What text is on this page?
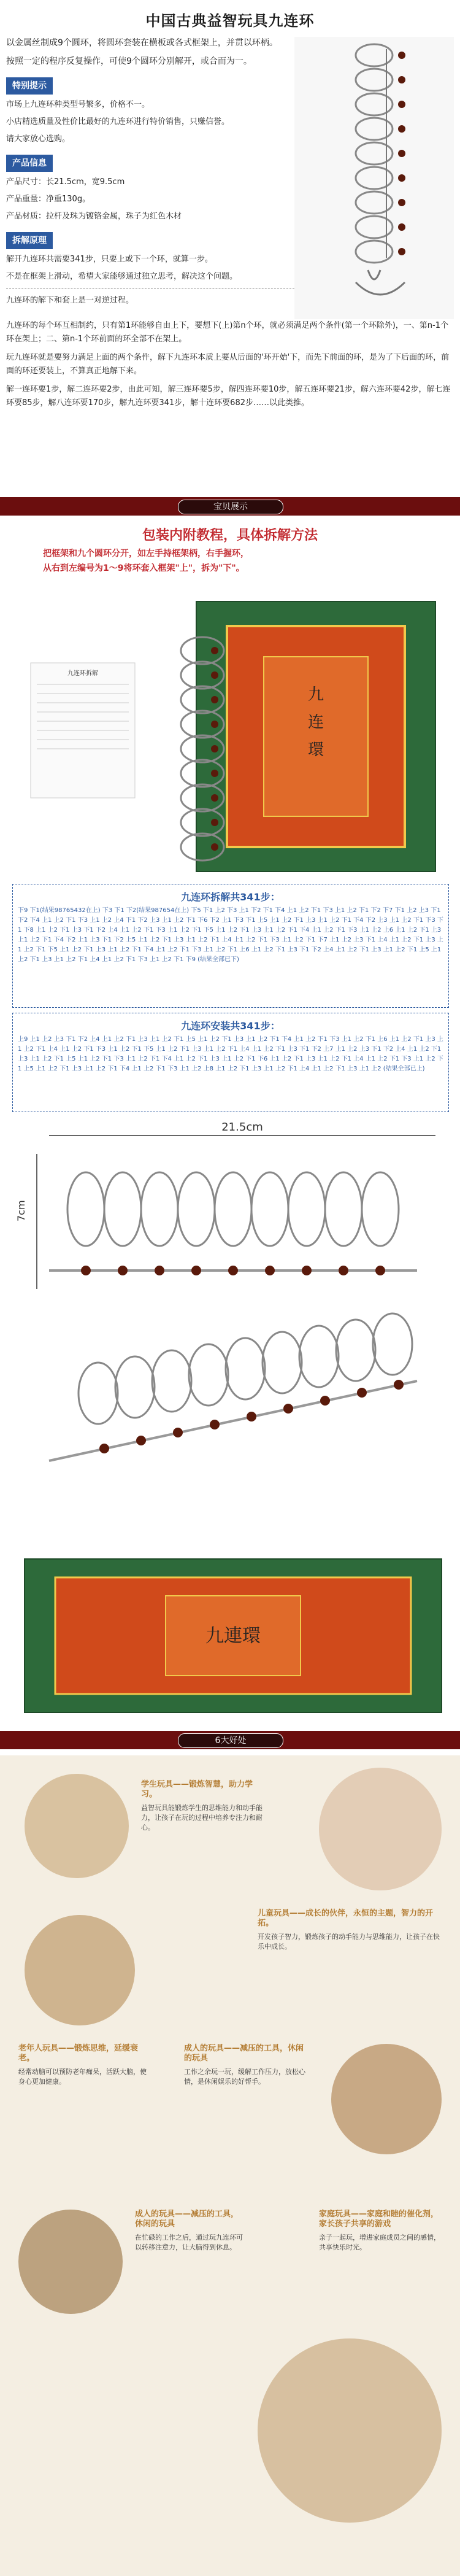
中国古典益智玩具九连环

以金属丝制成9个圆环，将圆环套装在横板或各式框架上，并贯以环柄。

按照一定的程序反复操作，可使9个圆环分别解开，或合而为一。

特别提示

市场上九连环种类型号繁多，价格不一。

小店精选质量及性价比最好的九连环进行特价销售，只赚信誉。

请大家放心选购。

产品信息

产品尺寸：长21.5cm，宽9.5cm

产品重量：净重130g。

产品材质：拉杆及珠为镀铬金属，珠子为红色木材

拆解原理

解开九连环共需要341步，只要上或下一个环，就算一步。

不是在框架上滑动，希望大家能够通过独立思考，解决这个问题。

九连环的解下和套上是一对逆过程。

九连环的每个环互相制约，只有第1环能够自由上下，要想下(上)第n个环，就必须满足两个条件(第一个环除外)，一、第n-1个环在架上；二、第n-1个环前面的环全部不在架上。

玩九连环就是要努力满足上面的两个条件，解下九连环本质上要从后面的'环开始'下，而先下前面的环，是为了下后面的环，前面的环还要装上，不算真正地解下来。

解一连环要1步，解二连环要2步，由此可知，解三连环要5步，解四连环要10步，解五连环要21步，解六连环要42步，解七连环要85步，解八连环要170步，解九连环要341步，解十连环要682步……以此类推。

宝贝展示
包装内附教程，具体拆解方法
把框架和九个圆环分开，如左手持框架柄，右手握环，
从右到左编号为1～9将环套入框架"上"，拆为"下"。
九
连
環
九连环拆解
九连环拆解共341步：
下9 下1(结果98765432在上) 下3 下1 下2(结果987654在上) 下5 下1 上2 下3 上1 下2 下1 下4 上1 上2 下1 下3 上1 上2 下1 下2 下7 下1 上2 上3 下1 下2 下4 上1 上2 下1 下3 上1 上2 上4 下1 下2 上3 上1 上2 下1 下6 下2 上1 下3 下1 上5 上1 上2 下1 上3 上1 上2 下1 下4 下2 上3 上1 上2 下1 下3 下1 下8 上1 上2 下1 上3 下1 下2 上4 上1 上2 下1 下3 上1 上2 下1 下5 上1 上2 下1 上3 上1 上2 下1 下4 上1 上2 下1 下3 上1 上2 上6 上1 上2 下1 上3 上1 上2 下1 下4 下2 上1 上3 下1 下2 上5 上1 上2 下1 上3 上1 上2 下1 上4 上1 上2 下1 下3 上1 上2 下1 下7 上1 上2 上3 下1 上4 上1 上2 下1 上3 上1 上2 下1 下5 上1 上2 下1 上3 上1 上2 下1 下4 上1 上2 下1 下3 上1 上2 下1 上6 上1 上2 下1 上3 下1 下2 上4 上1 上2 下1 上3 上1 上2 下1 上5 上1 上2 下1 上3 上1 上2 下1 上4 上1 上2 下1 下3 上1 上2 下1 下9 (结果全部已下)
九连环安装共341步：
上9 上1 上2 上3 下1 下2 上4 上1 上2 下1 上3 上1 上2 下1 上5 上1 上2 下1 上3 上1 上2 下1 下4 上1 上2 下1 下3 上1 上2 下1 上6 上1 上2 下1 上3 上1 上2 下1 上4 上1 上2 下1 下3 上1 上2 下1 下5 上1 上2 下1 上3 上1 上2 下1 上4 上1 上2 下1 上3 下1 下2 上7 上1 上2 上3 下1 下2 上4 上1 上2 下1 上3 上1 上2 下1 上5 上1 上2 下1 下3 上1 上2 下1 下4 上1 上2 下1 上3 上1 上2 下1 下6 上1 上2 下1 上3 上1 上2 下1 上4 上1 上2 下1 下3 上1 上2 下1 上5 上1 上2 下1 上3 上1 上2 下1 下4 上1 上2 下1 下3 上1 上2 上8 上1 上2 下1 上3 上1 上2 下1 上4 上1 上2 下1 上3 上1 上2 (结果全部已上)
21.5cm
7cm
九連環
6大好处
学生玩具——锻炼智慧，助力学习。
益智玩具能锻炼学生的思维能力和动手能力，让孩子在玩的过程中培养专注力和耐心。
儿童玩具——成长的伙伴，永恒的主题，智力的开拓。
开发孩子智力，锻炼孩子的动手能力与思维能力，让孩子在快乐中成长。
老年人玩具——锻炼思维，延缓衰老。
经常动脑可以预防老年痴呆，活跃大脑，使身心更加健康。
成人的玩具——减压的工具，休闲的玩具
工作之余玩一玩，缓解工作压力，放松心情，是休闲娱乐的好帮手。
成人的玩具——减压的工具，休闲的玩具
在忙碌的工作之后，通过玩九连环可以转移注意力，让大脑得到休息。
家庭玩具——家庭和睦的催化剂，家长孩子共享的游戏
亲子一起玩，增进家庭成员之间的感情，共享快乐时光。
